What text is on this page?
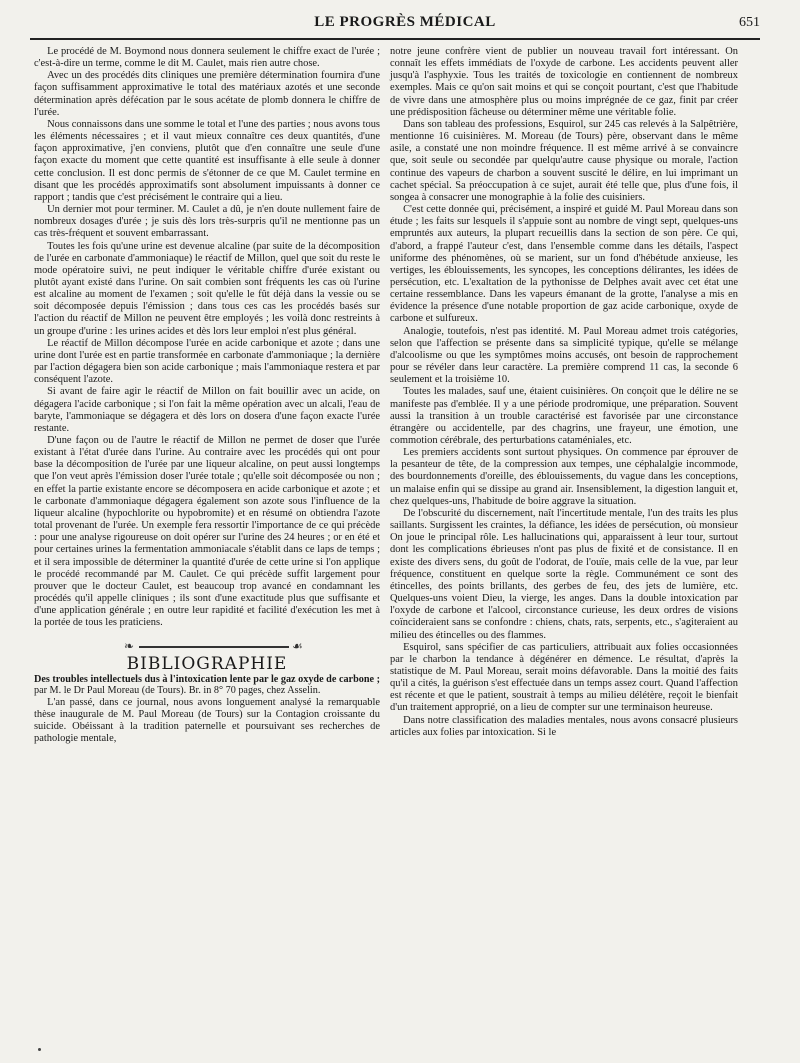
LE PROGRÈS MÉDICAL	651

Le procédé de M. Boymond nous donnera seulement le chiffre exact de l'urée ; c'est-à-dire un terme, comme le dit M. Caulet, mais rien autre chose.

Avec un des procédés dits cliniques une première détermination fournira d'une façon suffisamment approximative le total des matériaux azotés et une seconde détermination après défécation par le sous acétate de plomb donnera le chiffre de l'urée.

Nous connaissons dans une somme le total et l'une des parties ; nous avons tous les éléments nécessaires ; et il vaut mieux connaître ces deux quantités, d'une façon approximative, j'en conviens, plutôt que d'en connaître une seule d'une façon exacte du moment que cette quantité est insuffisante à elle seule à donner cette conclusion. Il est donc permis de s'étonner de ce que M. Caulet termine en disant que les procédés approximatifs sont absolument impuissants à donner ce rapport ; tandis que c'est précisément le contraire qui a lieu.

Un dernier mot pour terminer. M. Caulet a dû, je n'en doute nullement faire de nombreux dosages d'urée ; je suis dès lors très-surpris qu'il ne mentionne pas un cas très-fréquent et souvent embarrassant.

Toutes les fois qu'une urine est devenue alcaline (par suite de la décomposition de l'urée en carbonate d'ammoniaque) le réactif de Millon, quel que soit du reste le mode opératoire suivi, ne peut indiquer le véritable chiffre d'urée existant ou plutôt ayant existé dans l'urine. On sait combien sont fréquents les cas où l'urine est alcaline au moment de l'examen ; soit qu'elle le fût déjà dans la vessie ou se soit décomposée depuis l'émission ; dans tous ces cas les procédés basés sur l'action du réactif de Millon ne peuvent être employés ; les voilà donc restreints à un groupe d'urine : les urines acides et dès lors leur emploi n'est plus général.

Le réactif de Millon décompose l'urée en acide carbonique et azote ; dans une urine dont l'urée est en partie transformée en carbonate d'ammoniaque ; la dernière par l'action dégagera bien son acide carbonique ; mais l'ammoniaque restera et par conséquent l'azote.

Si avant de faire agir le réactif de Millon on fait bouillir avec un acide, on dégagera l'acide carbonique ; si l'on fait la même opération avec un alcali, l'eau de baryte, l'ammoniaque se dégagera et dès lors on dosera d'une façon exacte l'urée restante.

D'une façon ou de l'autre le réactif de Millon ne permet de doser que l'urée existant à l'état d'urée dans l'urine. Au contraire avec les procédés qui ont pour base la décomposition de l'urée par une liqueur alcaline, on peut aussi longtemps que l'on veut après l'émission doser l'urée totale ; qu'elle soit décomposée ou non ; en effet la partie existante encore se décomposera en acide carbonique et azote ; et le carbonate d'ammoniaque dégagera également son azote sous l'influence de la liqueur alcaline (hypochlorite ou hypobromite) et en résumé on obtiendra l'azote total provenant de l'urée. Un exemple fera ressortir l'importance de ce qui précède : pour une analyse rigoureuse on doit opérer sur l'urine des 24 heures ; or en été et pour certaines urines la fermentation ammoniacale s'établit dans ce laps de temps ; et il sera impossible de déterminer la quantité d'urée de cette urine si l'on applique le procédé recommandé par M. Caulet. Ce qui précède suffit largement pour prouver que le docteur Caulet, est beaucoup trop avancé en condamnant les procédés qu'il appelle cliniques ; ils sont d'une exactitude plus que suffisante et d'une application générale ; en outre leur rapidité et facilité d'exécution les met à la portée de tous les praticiens.

❧	☙
BIBLIOGRAPHIE

Des troubles intellectuels dus à l'intoxication lente par le gaz oxyde de carbone ; par M. le Dr Paul Moreau (de Tours). Br. in 8° 70 pages, chez Asselin.

L'an passé, dans ce journal, nous avons longuement analysé la remarquable thèse inaugurale de M. Paul Moreau (de Tours) sur la Contagion croissante du suicide. Obéissant à la tradition paternelle et poursuivant ses recherches de pathologie mentale,

notre jeune confrère vient de publier un nouveau travail fort intéressant. On connaît les effets immédiats de l'oxyde de carbone. Les accidents peuvent aller jusqu'à l'asphyxie. Tous les traités de toxicologie en contiennent de nombreux exemples. Mais ce qu'on sait moins et qui se conçoit pourtant, c'est que l'habitude de vivre dans une atmosphère plus ou moins imprégnée de ce gaz, finit par créer une prédisposition fâcheuse ou déterminer même une véritable folie.

Dans son tableau des professions, Esquirol, sur 245 cas relevés à la Salpêtrière, mentionne 16 cuisinières. M. Moreau (de Tours) père, observant dans le même asile, a constaté une non moindre fréquence. Il est même arrivé à se convaincre que, soit seule ou secondée par quelqu'autre cause physique ou morale, l'action continue des vapeurs de charbon a souvent suscité le délire, en lui imprimant un cachet spécial. Sa préoccupation à ce sujet, aurait été telle que, plus d'une fois, il songea à consacrer une monographie à la folie des cuisiniers.

C'est cette donnée qui, précisément, a inspiré et guidé M. Paul Moreau dans son étude ; les faits sur lesquels il s'appuie sont au nombre de vingt sept, quelques-uns empruntés aux auteurs, la plupart recueillis dans la section de son père. Ce qui, d'abord, a frappé l'auteur c'est, dans l'ensemble comme dans les détails, l'aspect uniforme des phénomènes, où se marient, sur un fond d'hébétude anxieuse, les vertiges, les éblouissements, les syncopes, les conceptions délirantes, les idées de persécution, etc. L'exaltation de la pythonisse de Delphes avait avec cet état une certaine ressemblance. Dans les vapeurs émanant de la grotte, l'analyse a mis en évidence la présence d'une notable proportion de gaz acide carbonique, oxyde de carbone et sulfureux.

Analogie, toutefois, n'est pas identité. M. Paul Moreau admet trois catégories, selon que l'affection se présente dans sa simplicité typique, qu'elle se mélange d'alcoolisme ou que les symptômes moins accusés, ont besoin de rapprochement pour se révéler dans leur caractère. La première comprend 11 cas, la seconde 6 seulement et la troisième 10.

Toutes les malades, sauf une, étaient cuisinières. On conçoit que le délire ne se manifeste pas d'emblée. Il y a une période prodromique, une préparation. Souvent aussi la transition à un trouble caractérisé est favorisée par une circonstance étrangère ou accidentelle, par des chagrins, une frayeur, une émotion, une commotion cérébrale, des perturbations cataméniales, etc.

Les premiers accidents sont surtout physiques. On commence par éprouver de la pesanteur de tête, de la compression aux tempes, une céphalalgie incommode, des bourdonnements d'oreille, des éblouissements, du vague dans les conceptions, un malaise enfin qui se dissipe au grand air. Insensiblement, la digestion languit et, chez quelques-uns, l'habitude de boire aggrave la situation.

De l'obscurité du discernement, naît l'incertitude mentale, l'un des traits les plus saillants. Surgissent les craintes, la défiance, les idées de persécution, où monsieur On joue le principal rôle. Les hallucinations qui, apparaissent à leur tour, surtout dont les complications ébrieuses n'ont pas plus de fixité et de consistance. Il en existe des divers sens, du goût de l'odorat, de l'ouïe, mais celle de la vue, par leur fréquence, constituent en quelque sorte la règle. Communément ce sont des étincelles, des points brillants, des gerbes de feu, des jets de lumière, etc. Quelques-uns voient Dieu, la vierge, les anges. Dans la double intoxication par l'oxyde de carbone et l'alcool, circonstance curieuse, les deux ordres de visions coïncideraient sans se confondre : chiens, chats, rats, serpents, etc., s'agiteraient au milieu des étincelles ou des flammes.

Esquirol, sans spécifier de cas particuliers, attribuait aux folies occasionnées par le charbon la tendance à dégénérer en démence. Le résultat, d'après la statistique de M. Paul Moreau, serait moins défavorable. Dans la moitié des faits qu'il a cités, la guérison s'est effectuée dans un temps assez court. Quand l'affection est récente et que le patient, soustrait à temps au milieu délétère, reçoit le bienfait d'un traitement approprié, on a lieu de compter sur une terminaison heureuse.

Dans notre classification des maladies mentales, nous avons consacré plusieurs articles aux folies par intoxication. Si le
